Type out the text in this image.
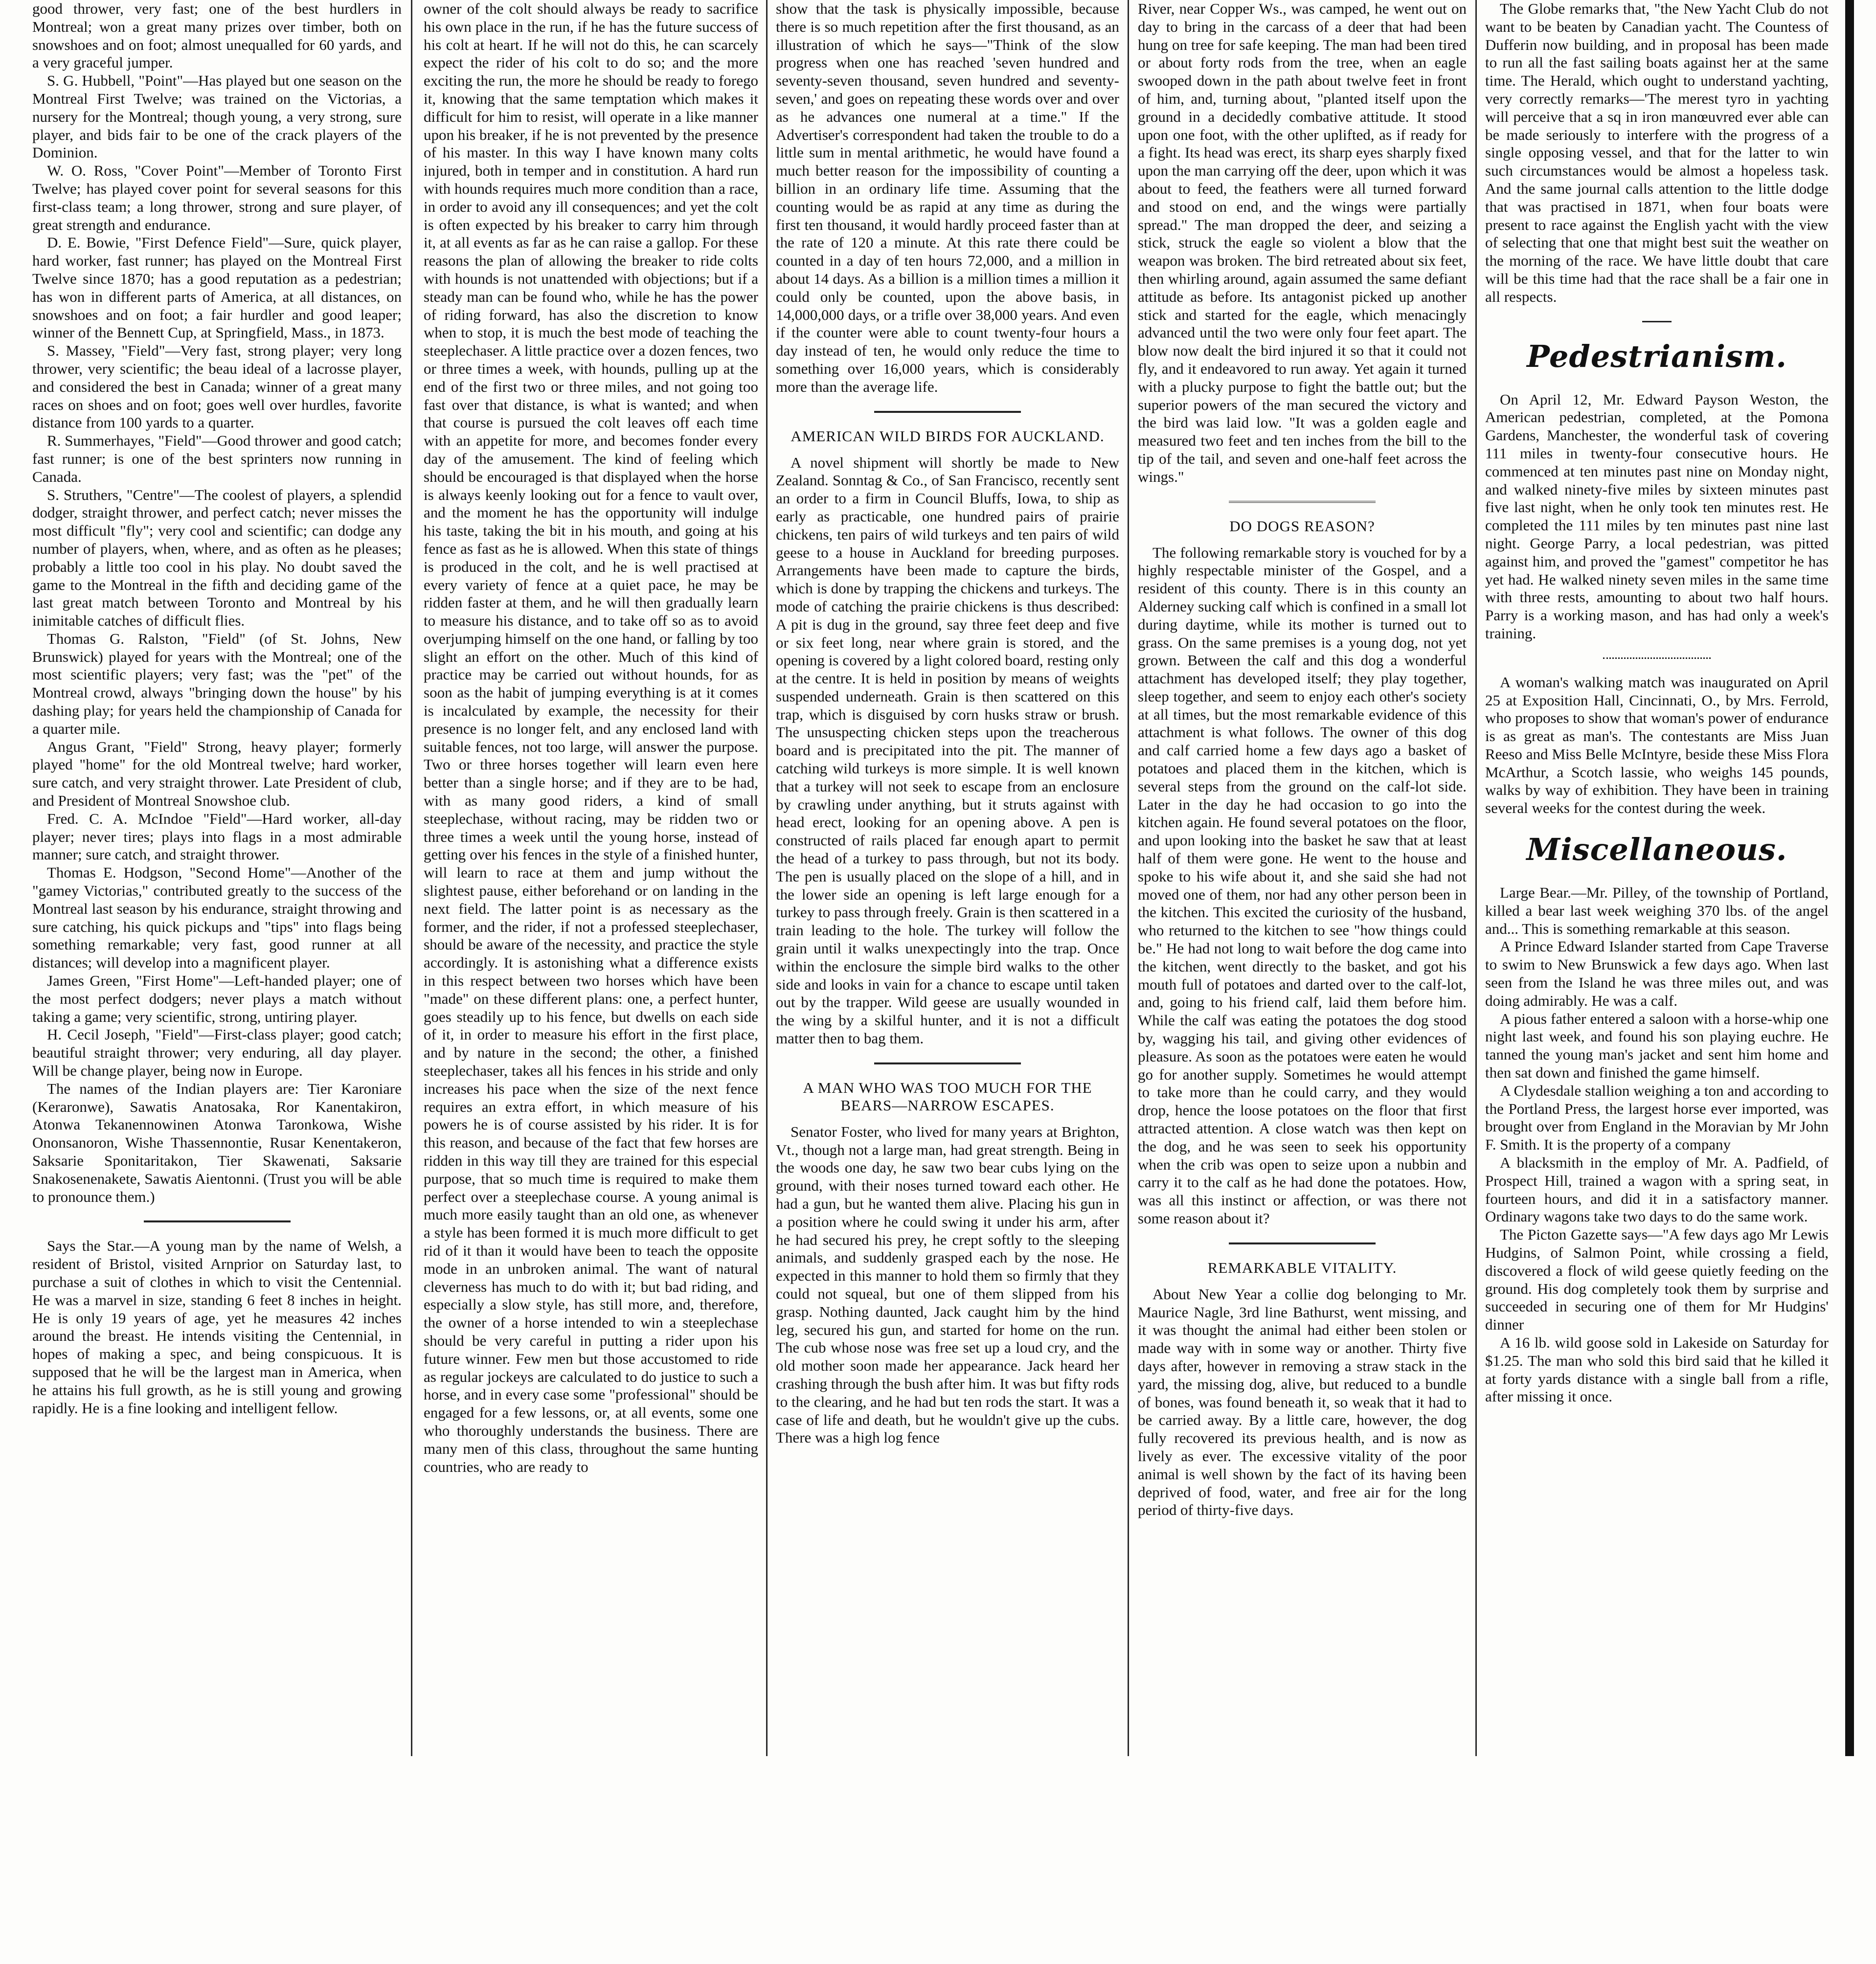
good thrower, very fast; one of the best hurdlers in Montreal; won a great many prizes over timber, both on snowshoes and on foot; almost unequalled for 60 yards, and a very graceful jumper.

S. G. Hubbell, "Point"—Has played but one season on the Montreal First Twelve; was trained on the Victorias, a nursery for the Montreal; though young, a very strong, sure player, and bids fair to be one of the crack players of the Dominion.

W. O. Ross, "Cover Point"—Member of Toronto First Twelve; has played cover point for several seasons for this first-class team; a long thrower, strong and sure player, of great strength and endurance.

D. E. Bowie, "First Defence Field"—Sure, quick player, hard worker, fast runner; has played on the Montreal First Twelve since 1870; has a good reputation as a pedestrian; has won in different parts of America, at all distances, on snowshoes and on foot; a fair hurdler and good leaper; winner of the Bennett Cup, at Springfield, Mass., in 1873.

S. Massey, "Field"—Very fast, strong player; very long thrower, very scientific; the beau ideal of a lacrosse player, and considered the best in Canada; winner of a great many races on shoes and on foot; goes well over hurdles, favorite distance from 100 yards to a quarter.

R. Summerhayes, "Field"—Good thrower and good catch; fast runner; is one of the best sprinters now running in Canada.

S. Struthers, "Centre"—The coolest of players, a splendid dodger, straight thrower, and perfect catch; never misses the most difficult "fly"; very cool and scientific; can dodge any number of players, when, where, and as often as he pleases; probably a little too cool in his play. No doubt saved the game to the Montreal in the fifth and deciding game of the last great match between Toronto and Montreal by his inimitable catches of difficult flies.

Thomas G. Ralston, "Field" (of St. Johns, New Brunswick) played for years with the Montreal; one of the most scientific players; very fast; was the "pet" of the Montreal crowd, always "bringing down the house" by his dashing play; for years held the championship of Canada for a quarter mile.

Angus Grant, "Field" Strong, heavy player; formerly played "home" for the old Montreal twelve; hard worker, sure catch, and very straight thrower. Late President of club, and President of Montreal Snowshoe club.

Fred. C. A. McIndoe "Field"—Hard worker, all-day player; never tires; plays into flags in a most admirable manner; sure catch, and straight thrower.

Thomas E. Hodgson, "Second Home"—Another of the "gamey Victorias," contributed greatly to the success of the Montreal last season by his endurance, straight throwing and sure catching, his quick pickups and "tips" into flags being something remarkable; very fast, good runner at all distances; will develop into a magnificent player.

James Green, "First Home"—Left-handed player; one of the most perfect dodgers; never plays a match without taking a game; very scientific, strong, untiring player.

H. Cecil Joseph, "Field"—First-class player; good catch; beautiful straight thrower; very enduring, all day player. Will be change player, being now in Europe.

The names of the Indian players are: Tier Karoniare (Keraronwe), Sawatis Anatosaka, Ror Kanentakiron, Atonwa Tekanennowinen Atonwa Taronkowa, Wishe Ononsanoron, Wishe Thassennontie, Rusar Kenentakeron, Saksarie Sponitaritakon, Tier Skawenati, Saksarie Snakosenenakete, Sawatis Aientonni. (Trust you will be able to pronounce them.)

Says the Star.—A young man by the name of Welsh, a resident of Bristol, visited Arnprior on Saturday last, to purchase a suit of clothes in which to visit the Centennial. He was a marvel in size, standing 6 feet 8 inches in height. He is only 19 years of age, yet he measures 42 inches around the breast. He intends visiting the Centennial, in hopes of making a spec, and being conspicuous. It is supposed that he will be the largest man in America, when he attains his full growth, as he is still young and growing rapidly. He is a fine looking and intelligent fellow.

owner of the colt should always be ready to sacrifice his own place in the run, if he has the future success of his colt at heart. If he will not do this, he can scarcely expect the rider of his colt to do so; and the more exciting the run, the more he should be ready to forego it, knowing that the same temptation which makes it difficult for him to resist, will operate in a like manner upon his breaker, if he is not prevented by the presence of his master. In this way I have known many colts injured, both in temper and in constitution. A hard run with hounds requires much more condition than a race, in order to avoid any ill consequences; and yet the colt is often expected by his breaker to carry him through it, at all events as far as he can raise a gallop. For these reasons the plan of allowing the breaker to ride colts with hounds is not unattended with objections; but if a steady man can be found who, while he has the power of riding forward, has also the discretion to know when to stop, it is much the best mode of teaching the steeplechaser. A little practice over a dozen fences, two or three times a week, with hounds, pulling up at the end of the first two or three miles, and not going too fast over that distance, is what is wanted; and when that course is pursued the colt leaves off each time with an appetite for more, and becomes fonder every day of the amusement. The kind of feeling which should be encouraged is that displayed when the horse is always keenly looking out for a fence to vault over, and the moment he has the opportunity will indulge his taste, taking the bit in his mouth, and going at his fence as fast as he is allowed. When this state of things is produced in the colt, and he is well practised at every variety of fence at a quiet pace, he may be ridden faster at them, and he will then gradually learn to measure his distance, and to take off so as to avoid overjumping himself on the one hand, or falling by too slight an effort on the other. Much of this kind of practice may be carried out without hounds, for as soon as the habit of jumping everything is at it comes is incalculated by example, the necessity for their presence is no longer felt, and any enclosed land with suitable fences, not too large, will answer the purpose. Two or three horses together will learn even here better than a single horse; and if they are to be had, with as many good riders, a kind of small steeplechase, without racing, may be ridden two or three times a week until the young horse, instead of getting over his fences in the style of a finished hunter, will learn to race at them and jump without the slightest pause, either beforehand or on landing in the next field. The latter point is as necessary as the former, and the rider, if not a professed steeplechaser, should be aware of the necessity, and practice the style accordingly. It is astonishing what a difference exists in this respect between two horses which have been "made" on these different plans: one, a perfect hunter, goes steadily up to his fence, but dwells on each side of it, in order to measure his effort in the first place, and by nature in the second; the other, a finished steeplechaser, takes all his fences in his stride and only increases his pace when the size of the next fence requires an extra effort, in which measure of his powers he is of course assisted by his rider. It is for this reason, and because of the fact that few horses are ridden in this way till they are trained for this especial purpose, that so much time is required to make them perfect over a steeplechase course. A young animal is much more easily taught than an old one, as whenever a style has been formed it is much more difficult to get rid of it than it would have been to teach the opposite mode in an unbroken animal. The want of natural cleverness has much to do with it; but bad riding, and especially a slow style, has still more, and, therefore, the owner of a horse intended to win a steeplechase should be very careful in putting a rider upon his future winner. Few men but those accustomed to ride as regular jockeys are calculated to do justice to such a horse, and in every case some "professional" should be engaged for a few lessons, or, at all events, some one who thoroughly understands the business. There are many men of this class, throughout the same hunting countries, who are ready to

show that the task is physically impossible, because there is so much repetition after the first thousand, as an illustration of which he says—"Think of the slow progress when one has reached 'seven hundred and seventy-seven thousand, seven hundred and seventy-seven,' and goes on repeating these words over and over as he advances one numeral at a time." If the Advertiser's correspondent had taken the trouble to do a little sum in mental arithmetic, he would have found a much better reason for the impossibility of counting a billion in an ordinary life time. Assuming that the counting would be as rapid at any time as during the first ten thousand, it would hardly proceed faster than at the rate of 120 a minute. At this rate there could be counted in a day of ten hours 72,000, and a million in about 14 days. As a billion is a million times a million it could only be counted, upon the above basis, in 14,000,000 days, or a trifle over 38,000 years. And even if the counter were able to count twenty-four hours a day instead of ten, he would only reduce the time to something over 16,000 years, which is considerably more than the average life.

AMERICAN WILD BIRDS FOR AUCKLAND.

A novel shipment will shortly be made to New Zealand. Sonntag & Co., of San Francisco, recently sent an order to a firm in Council Bluffs, Iowa, to ship as early as practicable, one hundred pairs of prairie chickens, ten pairs of wild turkeys and ten pairs of wild geese to a house in Auckland for breeding purposes. Arrangements have been made to capture the birds, which is done by trapping the chickens and turkeys. The mode of catching the prairie chickens is thus described: A pit is dug in the ground, say three feet deep and five or six feet long, near where grain is stored, and the opening is covered by a light colored board, resting only at the centre. It is held in position by means of weights suspended underneath. Grain is then scattered on this trap, which is disguised by corn husks straw or brush. The unsuspecting chicken steps upon the treacherous board and is precipitated into the pit. The manner of catching wild turkeys is more simple. It is well known that a turkey will not seek to escape from an enclosure by crawling under anything, but it struts against with head erect, looking for an opening above. A pen is constructed of rails placed far enough apart to permit the head of a turkey to pass through, but not its body. The pen is usually placed on the slope of a hill, and in the lower side an opening is left large enough for a turkey to pass through freely. Grain is then scattered in a train leading to the hole. The turkey will follow the grain until it walks unexpectingly into the trap. Once within the enclosure the simple bird walks to the other side and looks in vain for a chance to escape until taken out by the trapper. Wild geese are usually wounded in the wing by a skilful hunter, and it is not a difficult matter then to bag them.

A MAN WHO WAS TOO MUCH FOR THE BEARS—NARROW ESCAPES.

Senator Foster, who lived for many years at Brighton, Vt., though not a large man, had great strength. Being in the woods one day, he saw two bear cubs lying on the ground, with their noses turned toward each other. He had a gun, but he wanted them alive. Placing his gun in a position where he could swing it under his arm, after he had secured his prey, he crept softly to the sleeping animals, and suddenly grasped each by the nose. He expected in this manner to hold them so firmly that they could not squeal, but one of them slipped from his grasp. Nothing daunted, Jack caught him by the hind leg, secured his gun, and started for home on the run. The cub whose nose was free set up a loud cry, and the old mother soon made her appearance. Jack heard her crashing through the bush after him. It was but fifty rods to the clearing, and he had but ten rods the start. It was a case of life and death, but he wouldn't give up the cubs. There was a high log fence

River, near Copper Ws., was camped, he went out on day to bring in the carcass of a deer that had been hung on tree for safe keeping. The man had been tired or about forty rods from the tree, when an eagle swooped down in the path about twelve feet in front of him, and, turning about, "planted itself upon the ground in a decidedly combative attitude. It stood upon one foot, with the other uplifted, as if ready for a fight. Its head was erect, its sharp eyes sharply fixed upon the man carrying off the deer, upon which it was about to feed, the feathers were all turned forward and stood on end, and the wings were partially spread." The man dropped the deer, and seizing a stick, struck the eagle so violent a blow that the weapon was broken. The bird retreated about six feet, then whirling around, again assumed the same defiant attitude as before. Its antagonist picked up another stick and started for the eagle, which menacingly advanced until the two were only four feet apart. The blow now dealt the bird injured it so that it could not fly, and it endeavored to run away. Yet again it turned with a plucky purpose to fight the battle out; but the superior powers of the man secured the victory and the bird was laid low. "It was a golden eagle and measured two feet and ten inches from the bill to the tip of the tail, and seven and one-half feet across the wings."

DO DOGS REASON?

The following remarkable story is vouched for by a highly respectable minister of the Gospel, and a resident of this county. There is in this county an Alderney sucking calf which is confined in a small lot during daytime, while its mother is turned out to grass. On the same premises is a young dog, not yet grown. Between the calf and this dog a wonderful attachment has developed itself; they play together, sleep together, and seem to enjoy each other's society at all times, but the most remarkable evidence of this attachment is what follows. The owner of this dog and calf carried home a few days ago a basket of potatoes and placed them in the kitchen, which is several steps from the ground on the calf-lot side. Later in the day he had occasion to go into the kitchen again. He found several potatoes on the floor, and upon looking into the basket he saw that at least half of them were gone. He went to the house and spoke to his wife about it, and she said she had not moved one of them, nor had any other person been in the kitchen. This excited the curiosity of the husband, who returned to the kitchen to see "how things could be." He had not long to wait before the dog came into the kitchen, went directly to the basket, and got his mouth full of potatoes and darted over to the calf-lot, and, going to his friend calf, laid them before him. While the calf was eating the potatoes the dog stood by, wagging his tail, and giving other evidences of pleasure. As soon as the potatoes were eaten he would go for another supply. Sometimes he would attempt to take more than he could carry, and they would drop, hence the loose potatoes on the floor that first attracted attention. A close watch was then kept on the dog, and he was seen to seek his opportunity when the crib was open to seize upon a nubbin and carry it to the calf as he had done the potatoes. How, was all this instinct or affection, or was there not some reason about it?

REMARKABLE VITALITY.

About New Year a collie dog belonging to Mr. Maurice Nagle, 3rd line Bathurst, went missing, and it was thought the animal had either been stolen or made way with in some way or another. Thirty five days after, however in removing a straw stack in the yard, the missing dog, alive, but reduced to a bundle of bones, was found beneath it, so weak that it had to be carried away. By a little care, however, the dog fully recovered its previous health, and is now as lively as ever. The excessive vitality of the poor animal is well shown by the fact of its having been deprived of food, water, and free air for the long period of thirty-five days.

The Globe remarks that, "the New Yacht Club do not want to be beaten by Canadian yacht. The Countess of Dufferin now building, and in proposal has been made to run all the fast sailing boats against her at the same time. The Herald, which ought to understand yachting, very correctly remarks—'The merest tyro in yachting will perceive that a sq in iron manœuvred ever able can be made seriously to interfere with the progress of a single opposing vessel, and that for the latter to win such circumstances would be almost a hopeless task. And the same journal calls attention to the little dodge that was practised in 1871, when four boats were present to race against the English yacht with the view of selecting that one that might best suit the weather on the morning of the race. We have little doubt that care will be this time had that the race shall be a fair one in all respects.

Pedestrianism.

On April 12, Mr. Edward Payson Weston, the American pedestrian, completed, at the Pomona Gardens, Manchester, the wonderful task of covering 111 miles in twenty-four consecutive hours. He commenced at ten minutes past nine on Monday night, and walked ninety-five miles by sixteen minutes past five last night, when he only took ten minutes rest. He completed the 111 miles by ten minutes past nine last night. George Parry, a local pedestrian, was pitted against him, and proved the "gamest" competitor he has yet had. He walked ninety seven miles in the same time with three rests, amounting to about two half hours. Parry is a working mason, and has had only a week's training.

A woman's walking match was inaugurated on April 25 at Exposition Hall, Cincinnati, O., by Mrs. Ferrold, who proposes to show that woman's power of endurance is as great as man's. The contestants are Miss Juan Reeso and Miss Belle McIntyre, beside these Miss Flora McArthur, a Scotch lassie, who weighs 145 pounds, walks by way of exhibition. They have been in training several weeks for the contest during the week.

Miscellaneous.

Large Bear.—Mr. Pilley, of the township of Portland, killed a bear last week weighing 370 lbs. of the angel and... This is something remarkable at this season.

A Prince Edward Islander started from Cape Traverse to swim to New Brunswick a few days ago. When last seen from the Island he was three miles out, and was doing admirably. He was a calf.

A pious father entered a saloon with a horse-whip one night last week, and found his son playing euchre. He tanned the young man's jacket and sent him home and then sat down and finished the game himself.

A Clydesdale stallion weighing a ton and according to the Portland Press, the largest horse ever imported, was brought over from England in the Moravian by Mr John F. Smith. It is the property of a company

A blacksmith in the employ of Mr. A. Padfield, of Prospect Hill, trained a wagon with a spring seat, in fourteen hours, and did it in a satisfactory manner. Ordinary wagons take two days to do the same work.

The Picton Gazette says—"A few days ago Mr Lewis Hudgins, of Salmon Point, while crossing a field, discovered a flock of wild geese quietly feeding on the ground. His dog completely took them by surprise and succeeded in securing one of them for Mr Hudgins' dinner

A 16 lb. wild goose sold in Lakeside on Saturday for $1.25. The man who sold this bird said that he killed it at forty yards distance with a single ball from a rifle, after missing it once.
